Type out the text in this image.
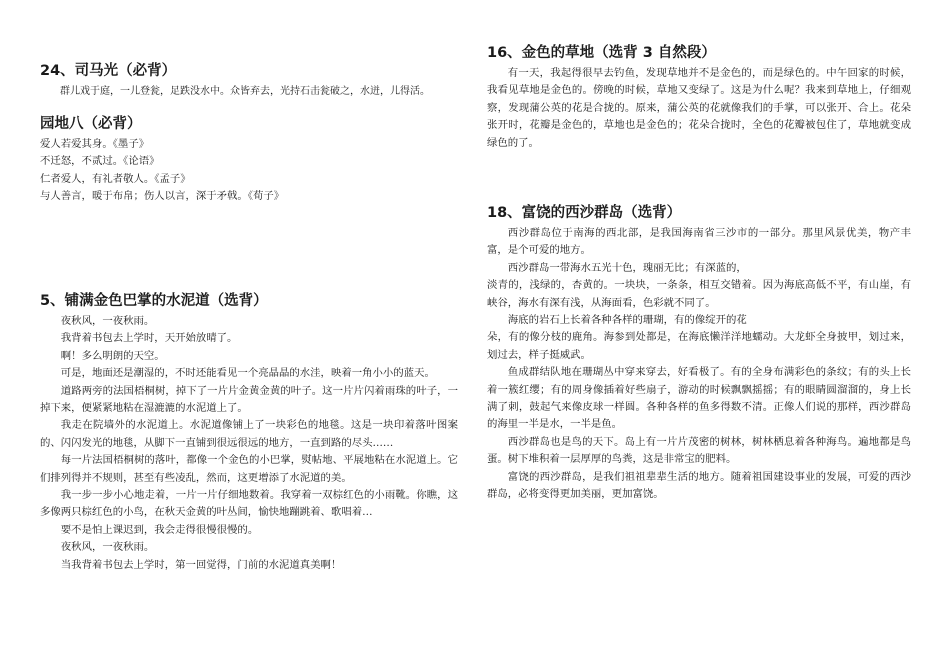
24、司马光（必背）

群儿戏于庭，一儿登瓮，足跌没水中。众皆弃去，光持石击瓮破之，水迸，儿得活。

园地八（必背）

爱人若爱其身。《墨子》

不迁怒，不贰过。《论语》

仁者爱人，有礼者敬人。《孟子》

与人善言，暖于布帛；伤人以言，深于矛戟。《荀子》

5、铺满金色巴掌的水泥道（选背）

夜秋风，一夜秋雨。

我背着书包去上学时，天开始放晴了。

啊！多么明朗的天空。

可是，地面还是潮湿的，不时还能看见一个亮晶晶的水洼，映着一角小小的蓝天。

道路两旁的法国梧桐树，掉下了一片片金黄金黄的叶子。这一片片闪着雨珠的叶子，一掉下来，便紧紧地粘在湿漉漉的水泥道上了。

我走在院墙外的水泥道上。水泥道像铺上了一块彩色的地毯。这是一块印着落叶图案的、闪闪发光的地毯，从脚下一直铺到很远很远的地方，一直到路的尽头……

每一片法国梧桐树的落叶，都像一个金色的小巴掌，熨帖地、平展地粘在水泥道上。它们排列得并不规则，甚至有些凌乱，然而，这更增添了水泥道的美。

我一步一步小心地走着，一片一片仔细地数着。我穿着一双棕红色的小雨靴。你瞧，这多像两只棕红色的小鸟，在秋天金黄的叶丛间，愉快地蹦跳着、歌唱着…

要不是怕上课迟到，我会走得很慢很慢的。

夜秋风，一夜秋雨。

当我背着书包去上学时，第一回觉得，门前的水泥道真美啊！

16、金色的草地（选背 3 自然段）

有一天，我起得很早去钓鱼，发现草地并不是金色的，而是绿色的。中午回家的时候，我看见草地是金色的。傍晚的时候，草地又变绿了。这是为什么呢？我来到草地上，仔细观察，发现蒲公英的花是合拢的。原来，蒲公英的花就像我们的手掌，可以张开、合上。花朵张开时，花瓣是金色的，草地也是金色的；花朵合拢时，全色的花瓣被包住了，草地就变成绿色的了。

18、富饶的西沙群岛（选背）

西沙群岛位于南海的西北部，是我国海南省三沙市的一部分。那里风景优美，物产丰富，是个可爱的地方。

西沙群岛一带海水五光十色，瑰丽无比；有深蓝的，

淡青的，浅绿的，杏黄的。一块块，一条条，相互交错着。因为海底高低不平，有山崖，有峡谷，海水有深有浅，从海面看，色彩就不同了。

海底的岩石上长着各种各样的珊瑚，有的像绽开的花

朵，有的像分枝的鹿角。海参到处都是，在海底懒洋洋地蠕动。大龙虾全身披甲，划过来，划过去，样子挺威武。

鱼成群结队地在珊瑚丛中穿来穿去，好看极了。有的全身布满彩色的条纹；有的头上长着一簇红缨；有的周身像插着好些扇子，游动的时候飘飘摇摇；有的眼睛圆溜溜的，身上长满了刺，鼓起气来像皮球一样圆。各种各样的鱼多得数不清。正像人们说的那样，西沙群岛的海里一半是水，一半是鱼。

西沙群岛也是鸟的天下。岛上有一片片茂密的树林，树林栖息着各种海鸟。遍地都是鸟蛋。树下堆积着一层厚厚的鸟粪，这是非常宝的肥料。

富饶的西沙群岛，是我们祖祖辈辈生活的地方。随着祖国建设事业的发展，可爱的西沙群岛，必将变得更加美丽，更加富饶。
